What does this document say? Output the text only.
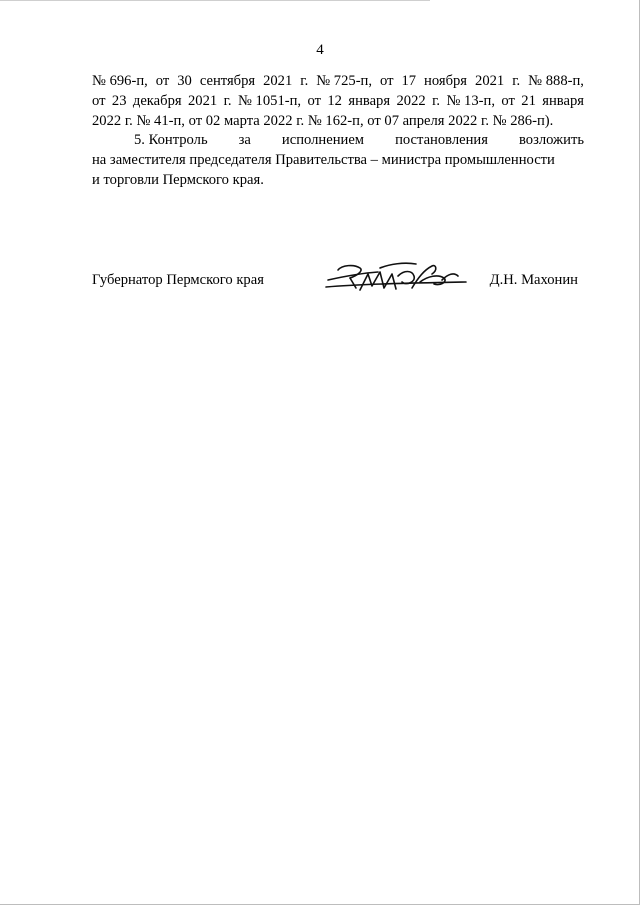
4
№ 696-п, от 30 сентября 2021 г. № 725-п, от 17 ноября 2021 г. № 888-п,
от 23 декабря 2021 г. № 1051-п, от 12 января 2022 г. № 13-п, от 21 января
2022 г. № 41-п, от 02 марта 2022 г. № 162-п, от 07 апреля 2022 г. № 286-п).
5. Контроль за исполнением постановления возложить
на заместителя председателя Правительства – министра промышленности
и торговли Пермского края.
Губернатор Пермского края	Д.Н. Махонин
